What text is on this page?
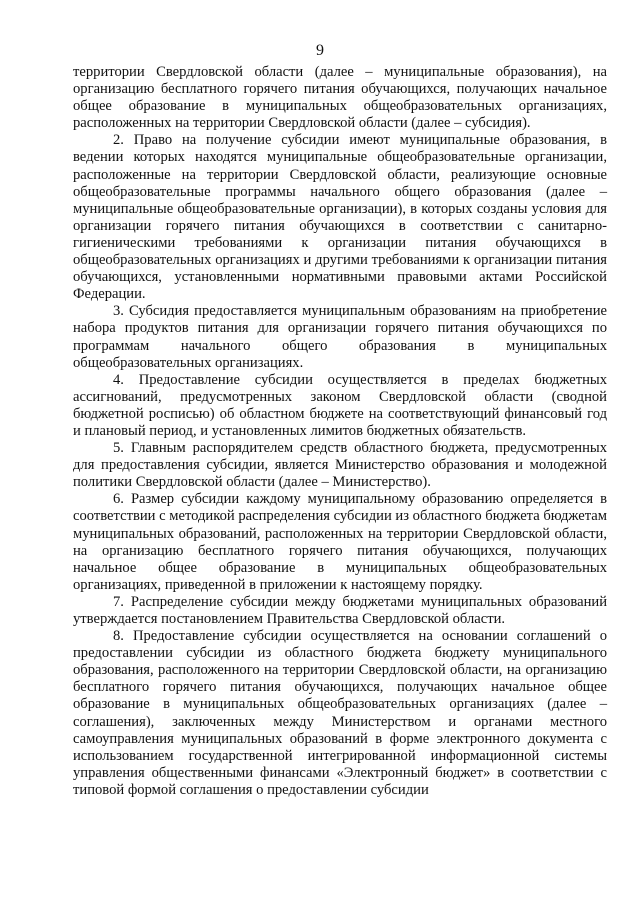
9

территории Свердловской области (далее – муниципальные образования), на организацию бесплатного горячего питания обучающихся, получающих начальное общее образование в муниципальных общеобразовательных организациях, расположенных на территории Свердловской области (далее – субсидия).

2. Право на получение субсидии имеют муниципальные образования, в ведении которых находятся муниципальные общеобразовательные организации, расположенные на территории Свердловской области, реализующие основные общеобразовательные программы начального общего образования (далее – муниципальные общеобразовательные организации), в которых созданы условия для организации горячего питания обучающихся в соответствии с санитарно-гигиеническими требованиями к организации питания обучающихся в общеобразовательных организациях и другими требованиями к организации питания обучающихся, установленными нормативными правовыми актами Российской Федерации.

3. Субсидия предоставляется муниципальным образованиям на приобретение набора продуктов питания для организации горячего питания обучающихся по программам начального общего образования в муниципальных общеобразовательных организациях.

4. Предоставление субсидии осуществляется в пределах бюджетных ассигнований, предусмотренных законом Свердловской области (сводной бюджетной росписью) об областном бюджете на соответствующий финансовый год и плановый период, и установленных лимитов бюджетных обязательств.

5. Главным распорядителем средств областного бюджета, предусмотренных для предоставления субсидии, является Министерство образования и молодежной политики Свердловской области (далее – Министерство).

6. Размер субсидии каждому муниципальному образованию определяется в соответствии с методикой распределения субсидии из областного бюджета бюджетам муниципальных образований, расположенных на территории Свердловской области, на организацию бесплатного горячего питания обучающихся, получающих начальное общее образование в муниципальных общеобразовательных организациях, приведенной в приложении к настоящему порядку.

7. Распределение субсидии между бюджетами муниципальных образований утверждается постановлением Правительства Свердловской области.

8. Предоставление субсидии осуществляется на основании соглашений о предоставлении субсидии из областного бюджета бюджету муниципального образования, расположенного на территории Свердловской области, на организацию бесплатного горячего питания обучающихся, получающих начальное общее образование в муниципальных общеобразовательных организациях (далее – соглашения), заключенных между Министерством и органами местного самоуправления муниципальных образований в форме электронного документа с использованием государственной интегрированной информационной системы управления общественными финансами «Электронный бюджет» в соответствии с типовой формой соглашения о предоставлении субсидии
